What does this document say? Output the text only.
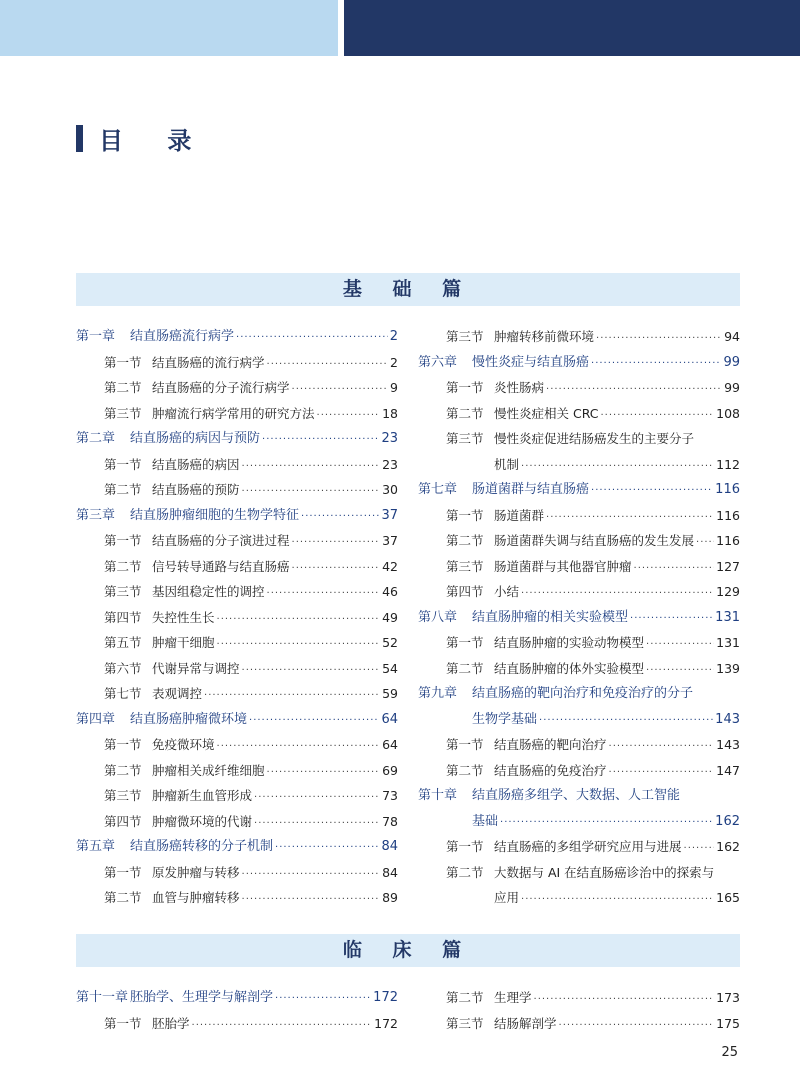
目 录
基 础 篇
临 床 篇
第一章 结直肠癌流行病学 ·····	2
第一节 结直肠癌的流行病学 ·····	2
第二节 结直肠癌的分子流行病学 ·····	9
第三节 肿瘤流行病学常用的研究方法 ·····	18
第二章 结直肠癌的病因与预防 ·····	23
第一节 结直肠癌的病因 ·····	23
第二节 结直肠癌的预防 ·····	30
第三章 结直肠肿瘤细胞的生物学特征 ·····	37
第一节 结直肠癌的分子演进过程 ·····	37
第二节 信号转导通路与结直肠癌 ·····	42
第三节 基因组稳定性的调控 ·····	46
第四节 失控性生长 ·····	49
第五节 肿瘤干细胞 ·····	52
第六节 代谢异常与调控 ·····	54
第七节 表观调控 ·····	59
第四章 结直肠癌肿瘤微环境 ·····	64
第一节 免疫微环境 ·····	64
第二节 肿瘤相关成纤维细胞 ·····	69
第三节 肿瘤新生血管形成 ·····	73
第四节 肿瘤微环境的代谢 ·····	78
第五章 结直肠癌转移的分子机制 ·····	84
第一节 原发肿瘤与转移 ·····	84
第二节 血管与肿瘤转移 ·····	89
第三节 肿瘤转移前微环境 ·····	94
第六章 慢性炎症与结直肠癌 ·····	99
第一节 炎性肠病 ·····	99
第二节 慢性炎症相关 CRC ·····	108
第三节 慢性炎症促进结肠癌发生的主要分子
机制 ·····	112
第七章 肠道菌群与结直肠癌 ·····	116
第一节 肠道菌群 ·····	116
第二节 肠道菌群失调与结直肠癌的发生发展 ····· 116
第三节 肠道菌群与其他器官肿瘤 ·····	127
第四节 小结 ·····	129
第八章 结直肠肿瘤的相关实验模型 ·····	131
第一节 结直肠肿瘤的实验动物模型 ·····	131
第二节 结直肠肿瘤的体外实验模型 ·····	139
第九章 结直肠癌的靶向治疗和免疫治疗的分子
生物学基础 ·····	143
第一节 结直肠癌的靶向治疗 ·····	143
第二节 结直肠癌的免疫治疗 ·····	147
第十章 结直肠癌多组学、大数据、人工智能
基础 ·····	162
第一节 结直肠癌的多组学研究应用与进展 ·····	162
第二节 大数据与 AI 在结直肠癌诊治中的探索与
应用 ·····	165
第十一章 胚胎学、生理学与解剖学 ·····	172
第一节 胚胎学 ·····	172
第二节 生理学 ·····	173
第三节 结肠解剖学 ·····	175
25
